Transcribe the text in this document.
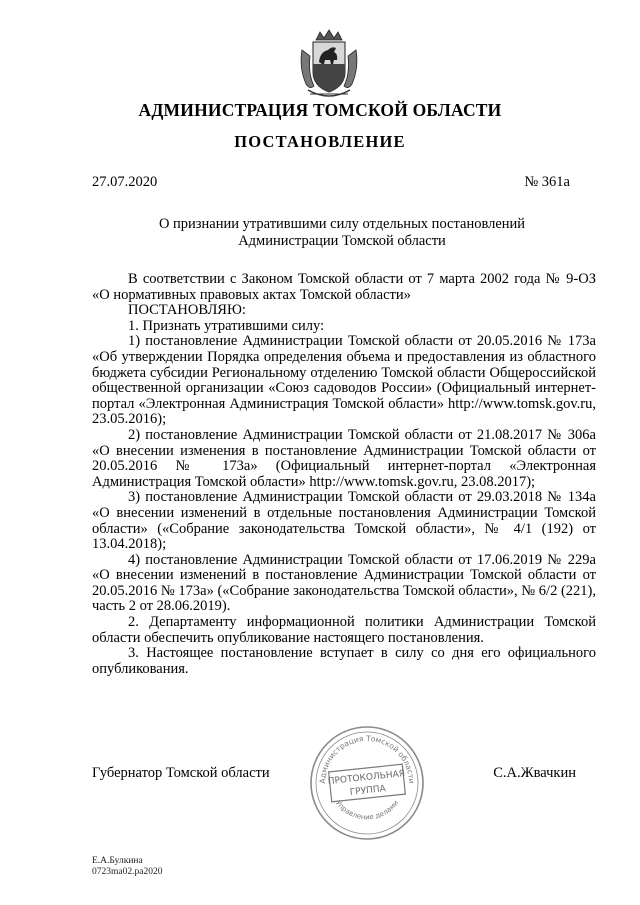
АДМИНИСТРАЦИЯ ТОМСКОЙ ОБЛАСТИ
ПОСТАНОВЛЕНИЕ
27.07.2020	№ 361а
О признании утратившими силу отдельных постановлений
Администрации Томской области

В соответствии с Законом Томской области от 7 марта 2002 года № 9-ОЗ «О нормативных правовых актах Томской области»

ПОСТАНОВЛЯЮ:
1. Признать утратившими силу:

1) постановление Администрации Томской области от 20.05.2016 № 173а «Об утверждении Порядка определения объема и предоставления из областного бюджета субсидии Региональному отделению Томской области Общероссийской общественной организации «Союз садоводов России» (Официальный интернет-портал «Электронная Администрация Томской области» http://www.tomsk.gov.ru, 23.05.2016);

2) постановление Администрации Томской области от 21.08.2017 № 306а «О внесении изменения в постановление Администрации Томской области от 20.05.2016 № 173а» (Официальный интернет-портал «Электронная Администрация Томской области» http://www.tomsk.gov.ru, 23.08.2017);

3) постановление Администрации Томской области от 29.03.2018 № 134а «О внесении изменений в отдельные постановления Администрации Томской области» («Собрание законодательства Томской области», № 4/1 (192) от 13.04.2018);

4) постановление Администрации Томской области от 17.06.2019 № 229а «О внесении изменений в постановление Администрации Томской области от 20.05.2016 № 173а» («Собрание законодательства Томской области», № 6/2 (221), часть 2 от 28.06.2019).

2. Департаменту информационной политики Администрации Томской области обеспечить опубликование настоящего постановления.

3. Настоящее постановление вступает в силу со дня его официального опубликования.

Администрация Томской области
Управление делами
ПРОТОКОЛЬНАЯ
ГРУППА
Губернатор Томской области	С.А.Жвачкин
Е.А.Булкина
0723ma02.pa2020
